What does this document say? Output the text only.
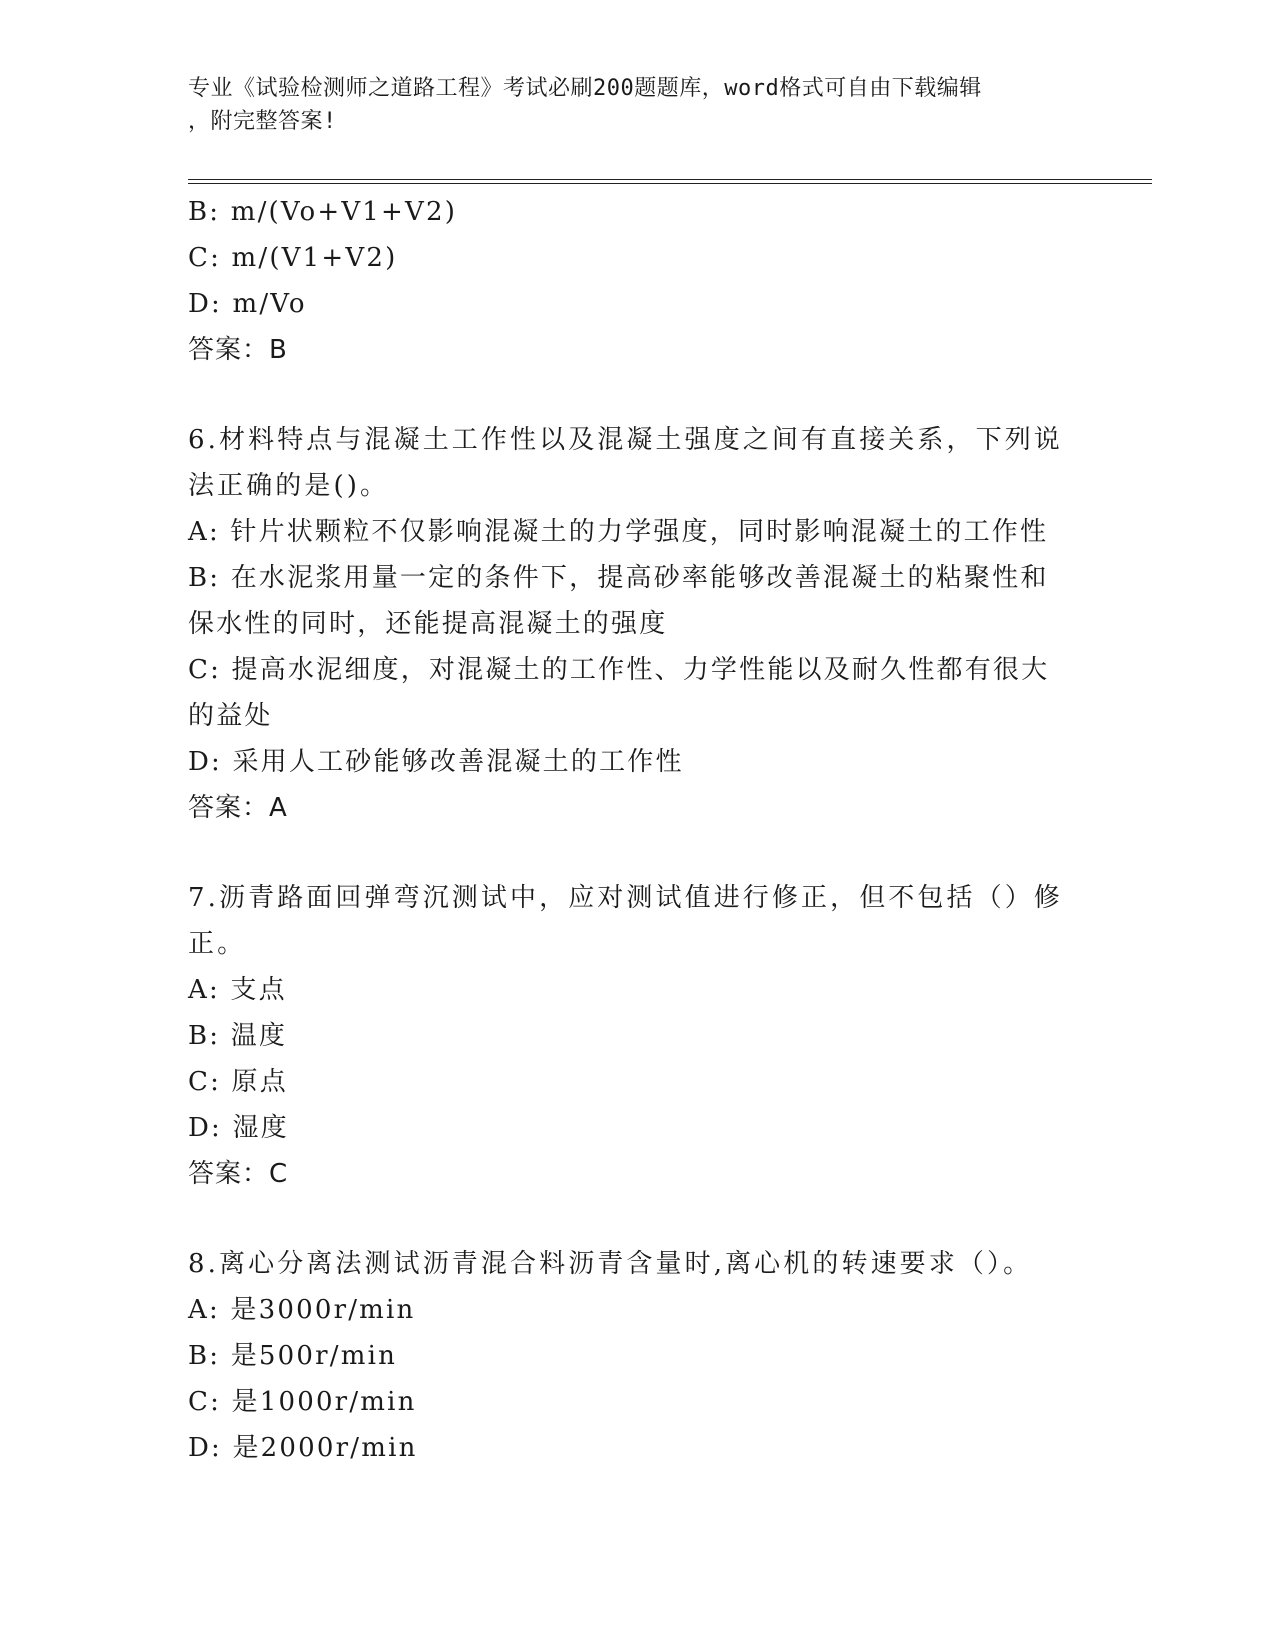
专业《试验检测师之道路工程》考试必刷200题题库，word格式可自由下载编辑
，附完整答案!
B: m/(Vo+V1+V2)
C: m/(V1+V2)
D: m/Vo
答案：B
6.材料特点与混凝土工作性以及混凝土强度之间有直接关系，下列说
法正确的是()。
A: 针片状颗粒不仅影响混凝土的力学强度，同时影响混凝土的工作性
B: 在水泥浆用量一定的条件下，提高砂率能够改善混凝土的粘聚性和
保水性的同时，还能提高混凝土的强度
C: 提高水泥细度，对混凝土的工作性、力学性能以及耐久性都有很大
的益处
D: 采用人工砂能够改善混凝土的工作性
答案：A
7.沥青路面回弹弯沉测试中，应对测试值进行修正，但不包括（）修
正。
A: 支点
B: 温度
C: 原点
D: 湿度
答案：C
8.离心分离法测试沥青混合料沥青含量时,离心机的转速要求（）。
A: 是3000r/min
B: 是500r/min
C: 是1000r/min
D: 是2000r/min
